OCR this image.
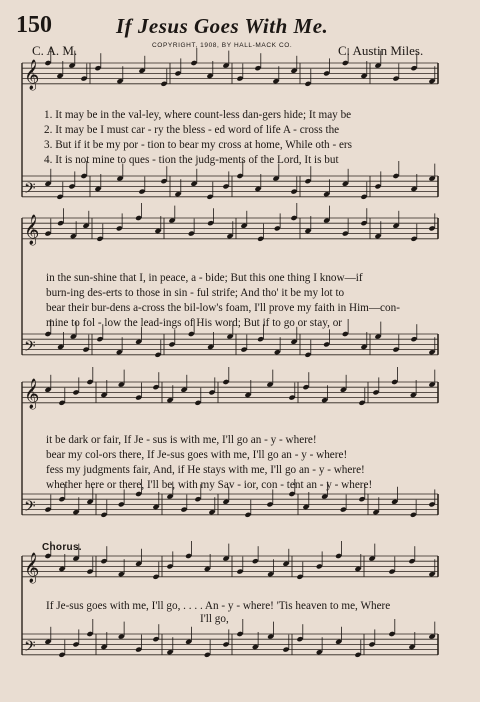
150	If Jesus Goes With Me.
COPYRIGHT, 1908, BY HALL-MACK CO.
C. A. M.	C. Austin Miles.
𝄞
𝄢
𝄞
𝄢
𝄞
𝄢
𝄞
𝄢
1. It may be in the val-ley, where count-less dan-gers hide; It may be
2. It may be I must car - ry the bless - ed word of life A - cross the
3. But if it be my por - tion to bear my cross at home, While oth - ers
4. It is not mine to ques - tion the judg-ments of the Lord, It is but
in the sun-shine that I, in peace, a - bide; But this one thing I know—if
burn-ing des-erts to those in sin - ful strife; And tho' it be my lot to
bear their bur-dens a-cross the bil-low's foam, I'll prove my faith in Him—con-
mine to fol - low the lead-ings of His word; But if to go or stay, or
it be dark or fair, If Je - sus is with me, I'll go an - y - where!
bear my col-ors there, If Je-sus goes with me, I'll go an - y - where!
fess my judgments fair, And, if He stays with me, I'll go an - y - where!
whether here or there, I'll be, with my Sav - ior, con - tent an - y - where!
Chorus.
If Je-sus goes with me, I'll go, . . . . An - y - where! 'Tis heaven to me, Where
I'll go,
